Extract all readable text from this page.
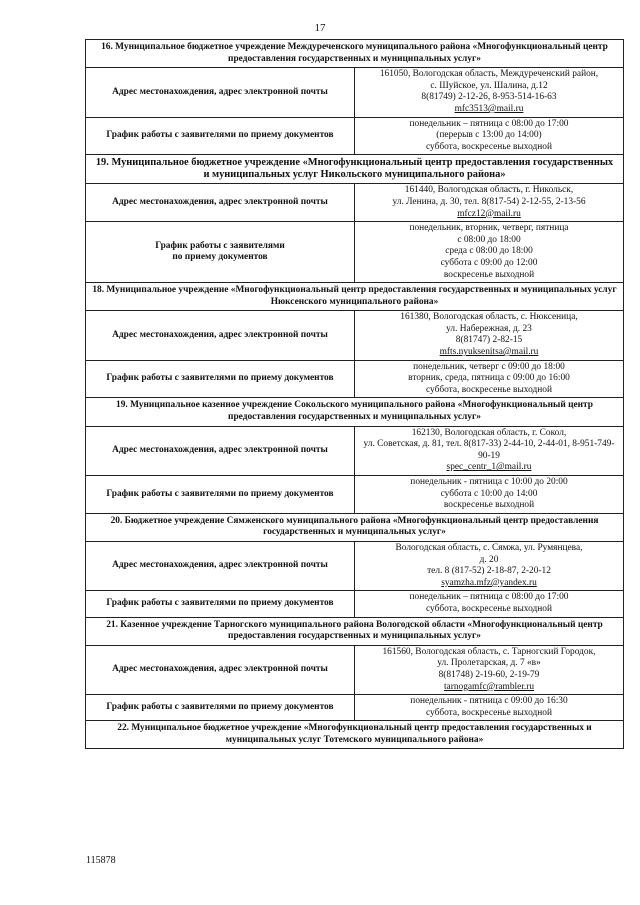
17
16. Муниципальное бюджетное учреждение Междуреченского муниципального района «Многофункциональный центр предоставления государственных и муниципальных услуг»	
Адрес местонахождения, адрес электронной почты	161050, Вологодская область, Междуреченский район,
с. Шуйское, ул. Шалина, д.12
8(81749) 2-12-26, 8-953-514-16-63
mfc3513@mail.ru

График работы с заявителями по приему документов	понедельник – пятница с 08:00 до 17:00
(перерыв с 13:00 до 14:00)
суббота, воскресенье выходной

19. Муниципальное бюджетное учреждение «Многофункциональный центр предоставления государственных и муниципальных услуг Никольского муниципального района»	
Адрес местонахождения, адрес электронной почты	161440, Вологодская область, г. Никольск,
ул. Ленина, д. 30, тел. 8(817-54) 2-12-55, 2-13-56
mfcz12@mail.ru

График работы с заявителями
по приему документов	понедельник, вторник, четверг, пятница
с 08:00 до 18:00
среда с 08:00 до 18:00
суббота с 09:00 до 12:00
воскресенье выходной

18. Муниципальное учреждение «Многофункциональный центр предоставления государственных и муниципальных услуг Нюксенского муниципального района»	
Адрес местонахождения, адрес электронной почты	161380, Вологодская область, с. Нюксеница,
ул. Набережная, д. 23
8(81747) 2-82-15
mfts.nyuksenitsa@mail.ru

График работы с заявителями по приему документов	понедельник, четверг с 09:00 до 18:00
вторник, среда, пятница с 09:00 до 16:00
суббота, воскресенье выходной

19. Муниципальное казенное учреждение Сокольского муниципального района «Многофункциональный центр предоставления государственных и муниципальных услуг»	
Адрес местонахождения, адрес электронной почты	162130, Вологодская область, г. Сокол,
ул. Советская, д. 81, тел. 8(817-33) 2-44-10, 2-44-01, 8-951-749-90-19
spec_centr_1@mail.ru

График работы с заявителями по приему документов	понедельник - пятница с 10:00 до 20:00
суббота с 10:00 до 14:00
воскресенье выходной

20. Бюджетное учреждение Сямженского муниципального района «Многофункциональный центр предоставления государственных и муниципальных услуг»	
Адрес местонахождения, адрес электронной почты	Вологодская область, с. Сямжа, ул. Румянцева,
д. 20
тел. 8 (817-52) 2-18-87, 2-20-12
syamzha.mfz@yandex.ru

График работы с заявителями по приему документов	понедельник – пятница с 08:00 до 17:00
суббота, воскресенье выходной

21. Казенное учреждение Тарногского муниципального района Вологодской области «Многофункциональный центр предоставления государственных и муниципальных услуг»	
Адрес местонахождения, адрес электронной почты	161560, Вологодская область, с. Тарногский Городок,
ул. Пролетарская, д. 7 «в»
8(81748) 2-19-60, 2-19-79
tarnogamfc@rambler.ru

График работы с заявителями по приему документов	понедельник - пятница с 09:00 до 16:30
суббота, воскресенье выходной

22. Муниципальное бюджетное учреждение «Многофункциональный центр предоставления государственных и муниципальных услуг Тотемского муниципального района»	
115878
